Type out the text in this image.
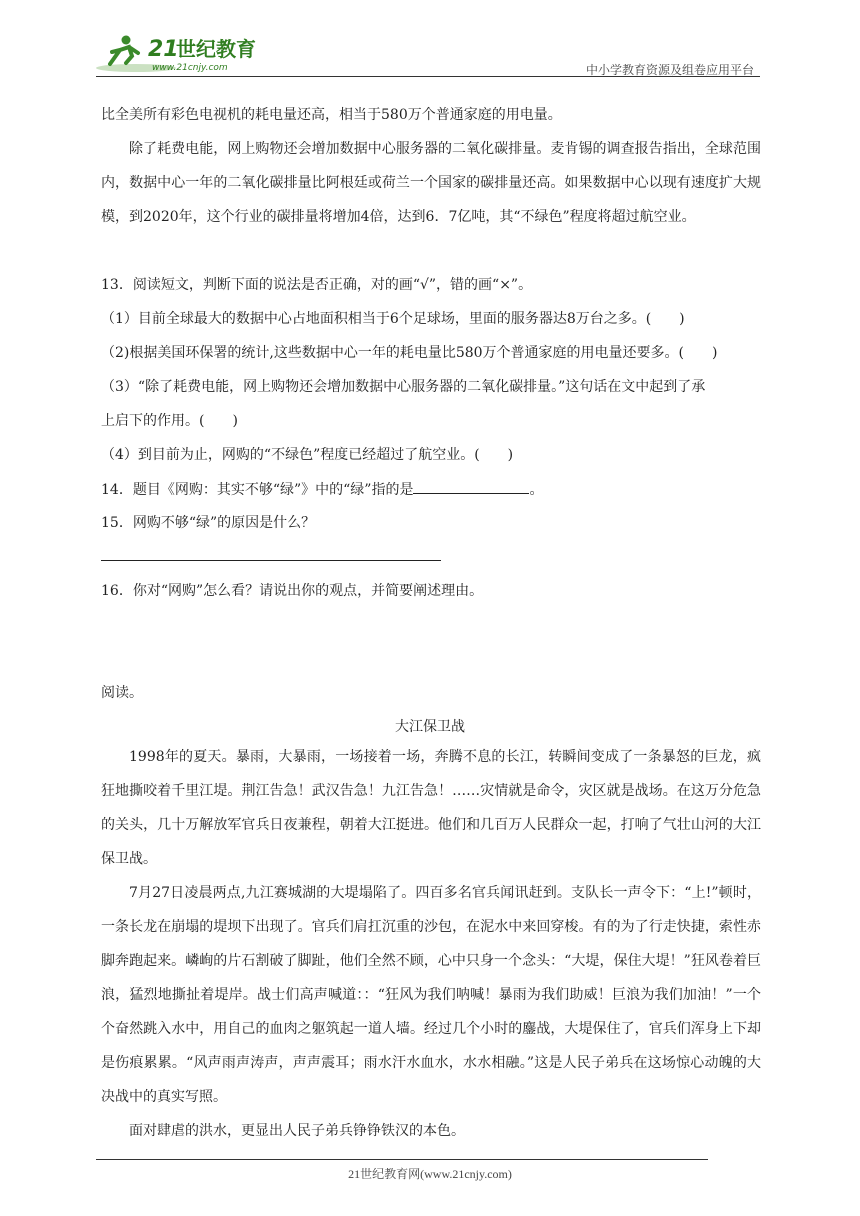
21
世纪教育
www.21cnjy.com	中小学教育资源及组卷应用平台

比全美所有彩色电视机的耗电量还高，相当于580万个普通家庭的用电量。

除了耗费电能，网上购物还会增加数据中心服务器的二氧化碳排量。麦肯锡的调查报告指出，全球范围内，数据中心一年的二氧化碳排量比阿根廷或荷兰一个国家的碳排量还高。如果数据中心以现有速度扩大规模，到2020年，这个行业的碳排量将增加4倍，达到6．7亿吨，其“不绿色”程度将超过航空业。

13．阅读短文，判断下面的说法是否正确，对的画“√”，错的画“×”。

（1）目前全球最大的数据中心占地面积相当于6个足球场，里面的服务器达8万台之多。(　　)

（2)根据美国环保署的统计,这些数据中心一年的耗电量比580万个普通家庭的用电量还要多。(　　)

（3）“除了耗费电能，网上购物还会增加数据中心服务器的二氧化碳排量。”这句话在文中起到了承

上启下的作用。(　　)

（4）到目前为止，网购的“不绿色”程度已经超过了航空业。(　　)

14．题目《网购：其实不够“绿”》中的“绿”指的是	。

15．网购不够“绿”的原因是什么？

16．你对“网购”怎么看？请说出你的观点，并简要阐述理由。

阅读。

大江保卫战

1998年的夏天。暴雨，大暴雨，一场接着一场，奔腾不息的长江，转瞬间变成了一条暴怒的巨龙，疯狂地撕咬着千里江堤。荆江告急！武汉告急！九江告急！……灾情就是命令，灾区就是战场。在这万分危急的关头，几十万解放军官兵日夜兼程，朝着大江挺进。他们和几百万人民群众一起，打响了气壮山河的大江保卫战。

7月27日凌晨两点,九江赛城湖的大堤塌陷了。四百多名官兵闻讯赶到。支队长一声令下：“上!”顿时，一条长龙在崩塌的堤坝下出现了。官兵们肩扛沉重的沙包，在泥水中来回穿梭。有的为了行走快捷，索性赤脚奔跑起来。嶙峋的片石割破了脚趾，他们全然不顾，心中只身一个念头：“大堤，保住大堤！”狂风卷着巨浪，猛烈地撕扯着堤岸。战士们高声喊道：：“狂风为我们呐喊！暴雨为我们助威！巨浪为我们加油！”一个个奋然跳入水中，用自己的血肉之躯筑起一道人墙。经过几个小时的鏖战，大堤保住了，官兵们浑身上下却是伤痕累累。“风声雨声涛声，声声震耳；雨水汗水血水，水水相融。”这是人民子弟兵在这场惊心动魄的大决战中的真实写照。

面对肆虐的洪水，更显出人民子弟兵铮铮铁汉的本色。

21世纪教育网(www.21cnjy.com)
